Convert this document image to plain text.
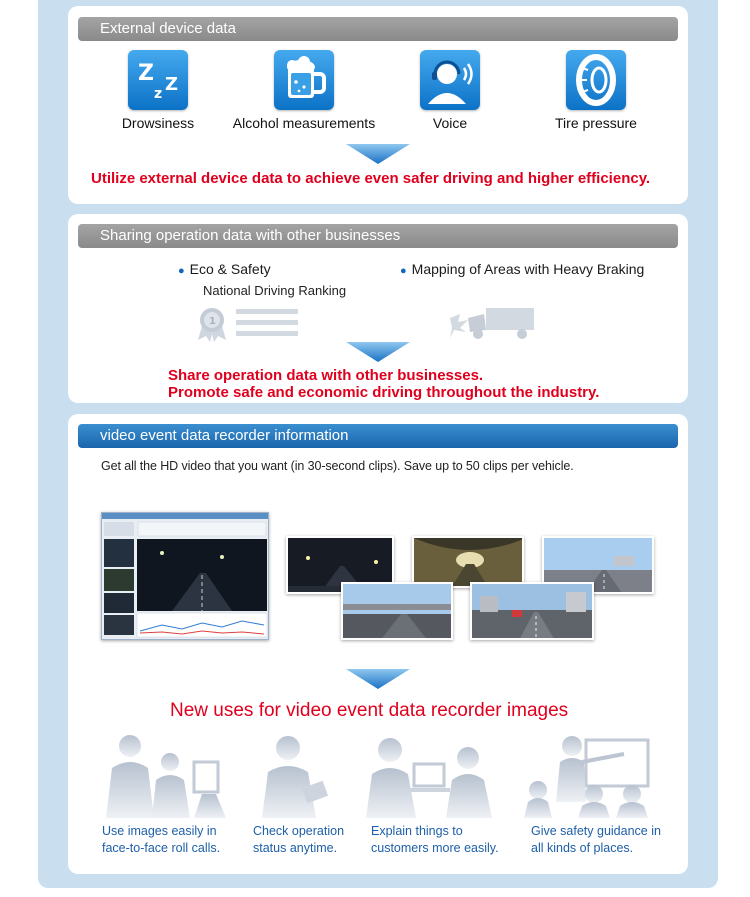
External device data
Z
z Z
Drowsiness	Alcohol measurements	Voice	Tire pressure
Utilize external device data to achieve even safer driving and higher efficiency.
Sharing operation data with other businesses
● Eco & Safety
National Driving Ranking
● Mapping of Areas with Heavy Braking
1
Share operation data with other businesses.
Promote safe and economic driving throughout the industry.
video event data recorder information
Get all the HD video that you want (in 30-second clips). Save up to 50 clips per vehicle.
New uses for video event data recorder images
Use images easily in
face-to-face roll calls.
Check operation
status anytime.
Explain things to
customers more easily.
Give safety guidance in
all kinds of places.
